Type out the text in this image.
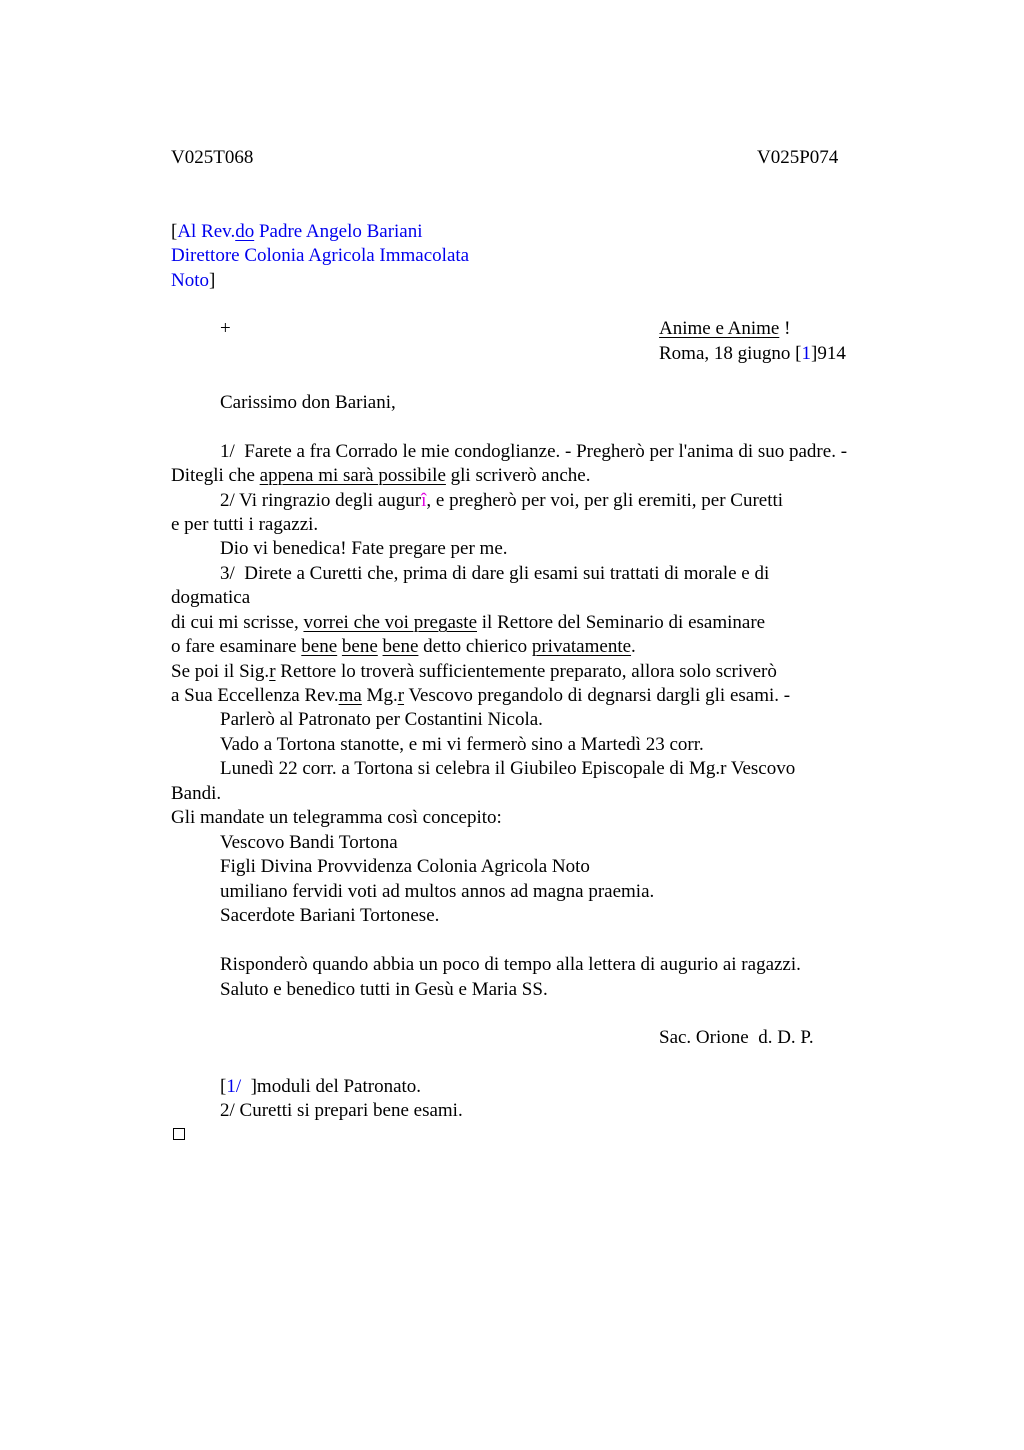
V025T068	V025P074
[Al Rev.do Padre Angelo Bariani
Direttore Colonia Agricola Immacolata
Noto]
+	Anime e Anime !
Roma, 18 giugno [1]914
Carissimo don Bariani,
1/  Farete a fra Corrado le mie condoglianze. - Pregherò per l'anima di suo padre. -
Ditegli che appena mi sarà possibile gli scriverò anche.
2/ Vi ringrazio degli augurî, e pregherò per voi, per gli eremiti, per Curetti
e per tutti i ragazzi.
Dio vi benedica! Fate pregare per me.
3/  Direte a Curetti che, prima di dare gli esami sui trattati di morale e di
dogmatica
di cui mi scrisse, vorrei che voi pregaste il Rettore del Seminario di esaminare
o fare esaminare bene bene bene detto chierico privatamente.
Se poi il Sig.r Rettore lo troverà sufficientemente preparato, allora solo scriverò
a Sua Eccellenza Rev.ma Mg.r Vescovo pregandolo di degnarsi dargli gli esami. -
Parlerò al Patronato per Costantini Nicola.
Vado a Tortona stanotte, e mi vi fermerò sino a Martedì 23 corr.
Lunedì 22 corr. a Tortona si celebra il Giubileo Episcopale di Mg.r Vescovo
Bandi.
Gli mandate un telegramma così concepito:
Vescovo Bandi Tortona
Figli Divina Provvidenza Colonia Agricola Noto
umiliano fervidi voti ad multos annos ad magna praemia.
Sacerdote Bariani Tortonese.
Risponderò quando abbia un poco di tempo alla lettera di augurio ai ragazzi.
Saluto e benedico tutti in Gesù e Maria SS.
Sac. Orione  d. D. P.
[1/  ]moduli del Patronato.
2/ Curetti si prepari bene esami.
